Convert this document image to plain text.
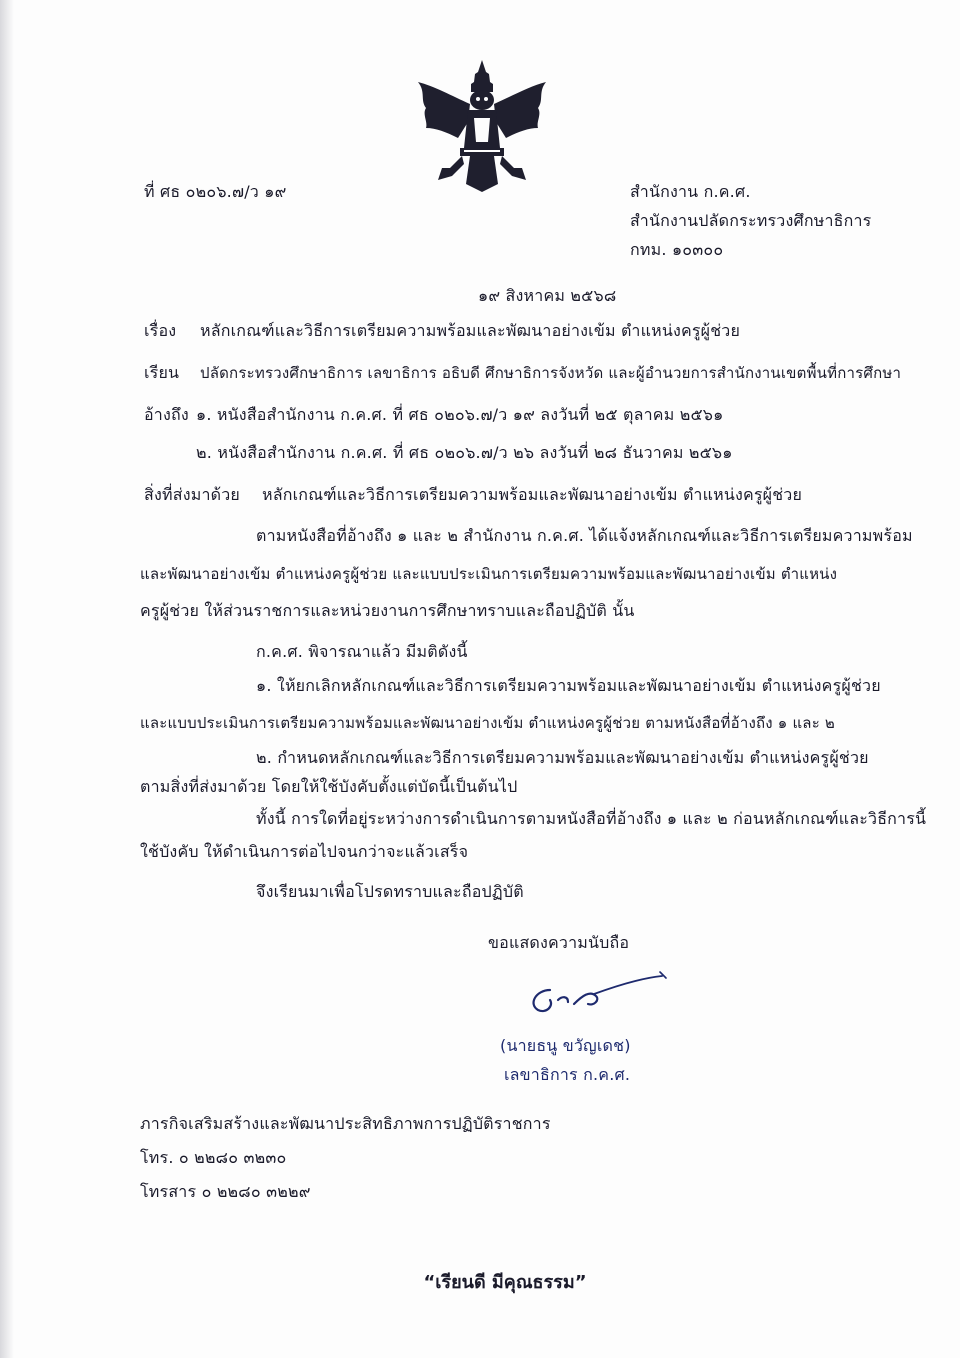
ที่ ศธ ๐๒๐๖.๗/ว ๑๙	สำนักงาน ก.ค.ศ.
สำนักงานปลัดกระทรวงศึกษาธิการ
กทม. ๑๐๓๐๐
๑๙ สิงหาคม ๒๕๖๘
เรื่อง หลักเกณฑ์และวิธีการเตรียมความพร้อมและพัฒนาอย่างเข้ม ตำแหน่งครูผู้ช่วย
เรียน ปลัดกระทรวงศึกษาธิการ เลขาธิการ อธิบดี ศึกษาธิการจังหวัด และผู้อำนวยการสำนักงานเขตพื้นที่การศึกษา
อ้างถึง ๑. หนังสือสำนักงาน ก.ค.ศ. ที่ ศธ ๐๒๐๖.๗/ว ๑๙ ลงวันที่ ๒๕ ตุลาคม ๒๕๖๑
๒. หนังสือสำนักงาน ก.ค.ศ. ที่ ศธ ๐๒๐๖.๗/ว ๒๖ ลงวันที่ ๒๘ ธันวาคม ๒๕๖๑
สิ่งที่ส่งมาด้วย หลักเกณฑ์และวิธีการเตรียมความพร้อมและพัฒนาอย่างเข้ม ตำแหน่งครูผู้ช่วย
ตามหนังสือที่อ้างถึง ๑ และ ๒ สำนักงาน ก.ค.ศ. ได้แจ้งหลักเกณฑ์และวิธีการเตรียมความพร้อม
และพัฒนาอย่างเข้ม ตำแหน่งครูผู้ช่วย และแบบประเมินการเตรียมความพร้อมและพัฒนาอย่างเข้ม ตำแหน่ง
ครูผู้ช่วย ให้ส่วนราชการและหน่วยงานการศึกษาทราบและถือปฏิบัติ นั้น
ก.ค.ศ. พิจารณาแล้ว มีมติดังนี้
๑. ให้ยกเลิกหลักเกณฑ์และวิธีการเตรียมความพร้อมและพัฒนาอย่างเข้ม ตำแหน่งครูผู้ช่วย
และแบบประเมินการเตรียมความพร้อมและพัฒนาอย่างเข้ม ตำแหน่งครูผู้ช่วย ตามหนังสือที่อ้างถึง ๑ และ ๒
๒. กำหนดหลักเกณฑ์และวิธีการเตรียมความพร้อมและพัฒนาอย่างเข้ม ตำแหน่งครูผู้ช่วย
ตามสิ่งที่ส่งมาด้วย โดยให้ใช้บังคับตั้งแต่บัดนี้เป็นต้นไป
ทั้งนี้ การใดที่อยู่ระหว่างการดำเนินการตามหนังสือที่อ้างถึง ๑ และ ๒ ก่อนหลักเกณฑ์และวิธีการนี้
ใช้บังคับ ให้ดำเนินการต่อไปจนกว่าจะแล้วเสร็จ
จึงเรียนมาเพื่อโปรดทราบและถือปฏิบัติ
ขอแสดงความนับถือ
(นายธนู ขวัญเดช)
เลขาธิการ ก.ค.ศ.
ภารกิจเสริมสร้างและพัฒนาประสิทธิภาพการปฏิบัติราชการ
โทร. ๐ ๒๒๘๐ ๓๒๓๐
โทรสาร ๐ ๒๒๘๐ ๓๒๒๙
“เรียนดี มีคุณธรรม”
